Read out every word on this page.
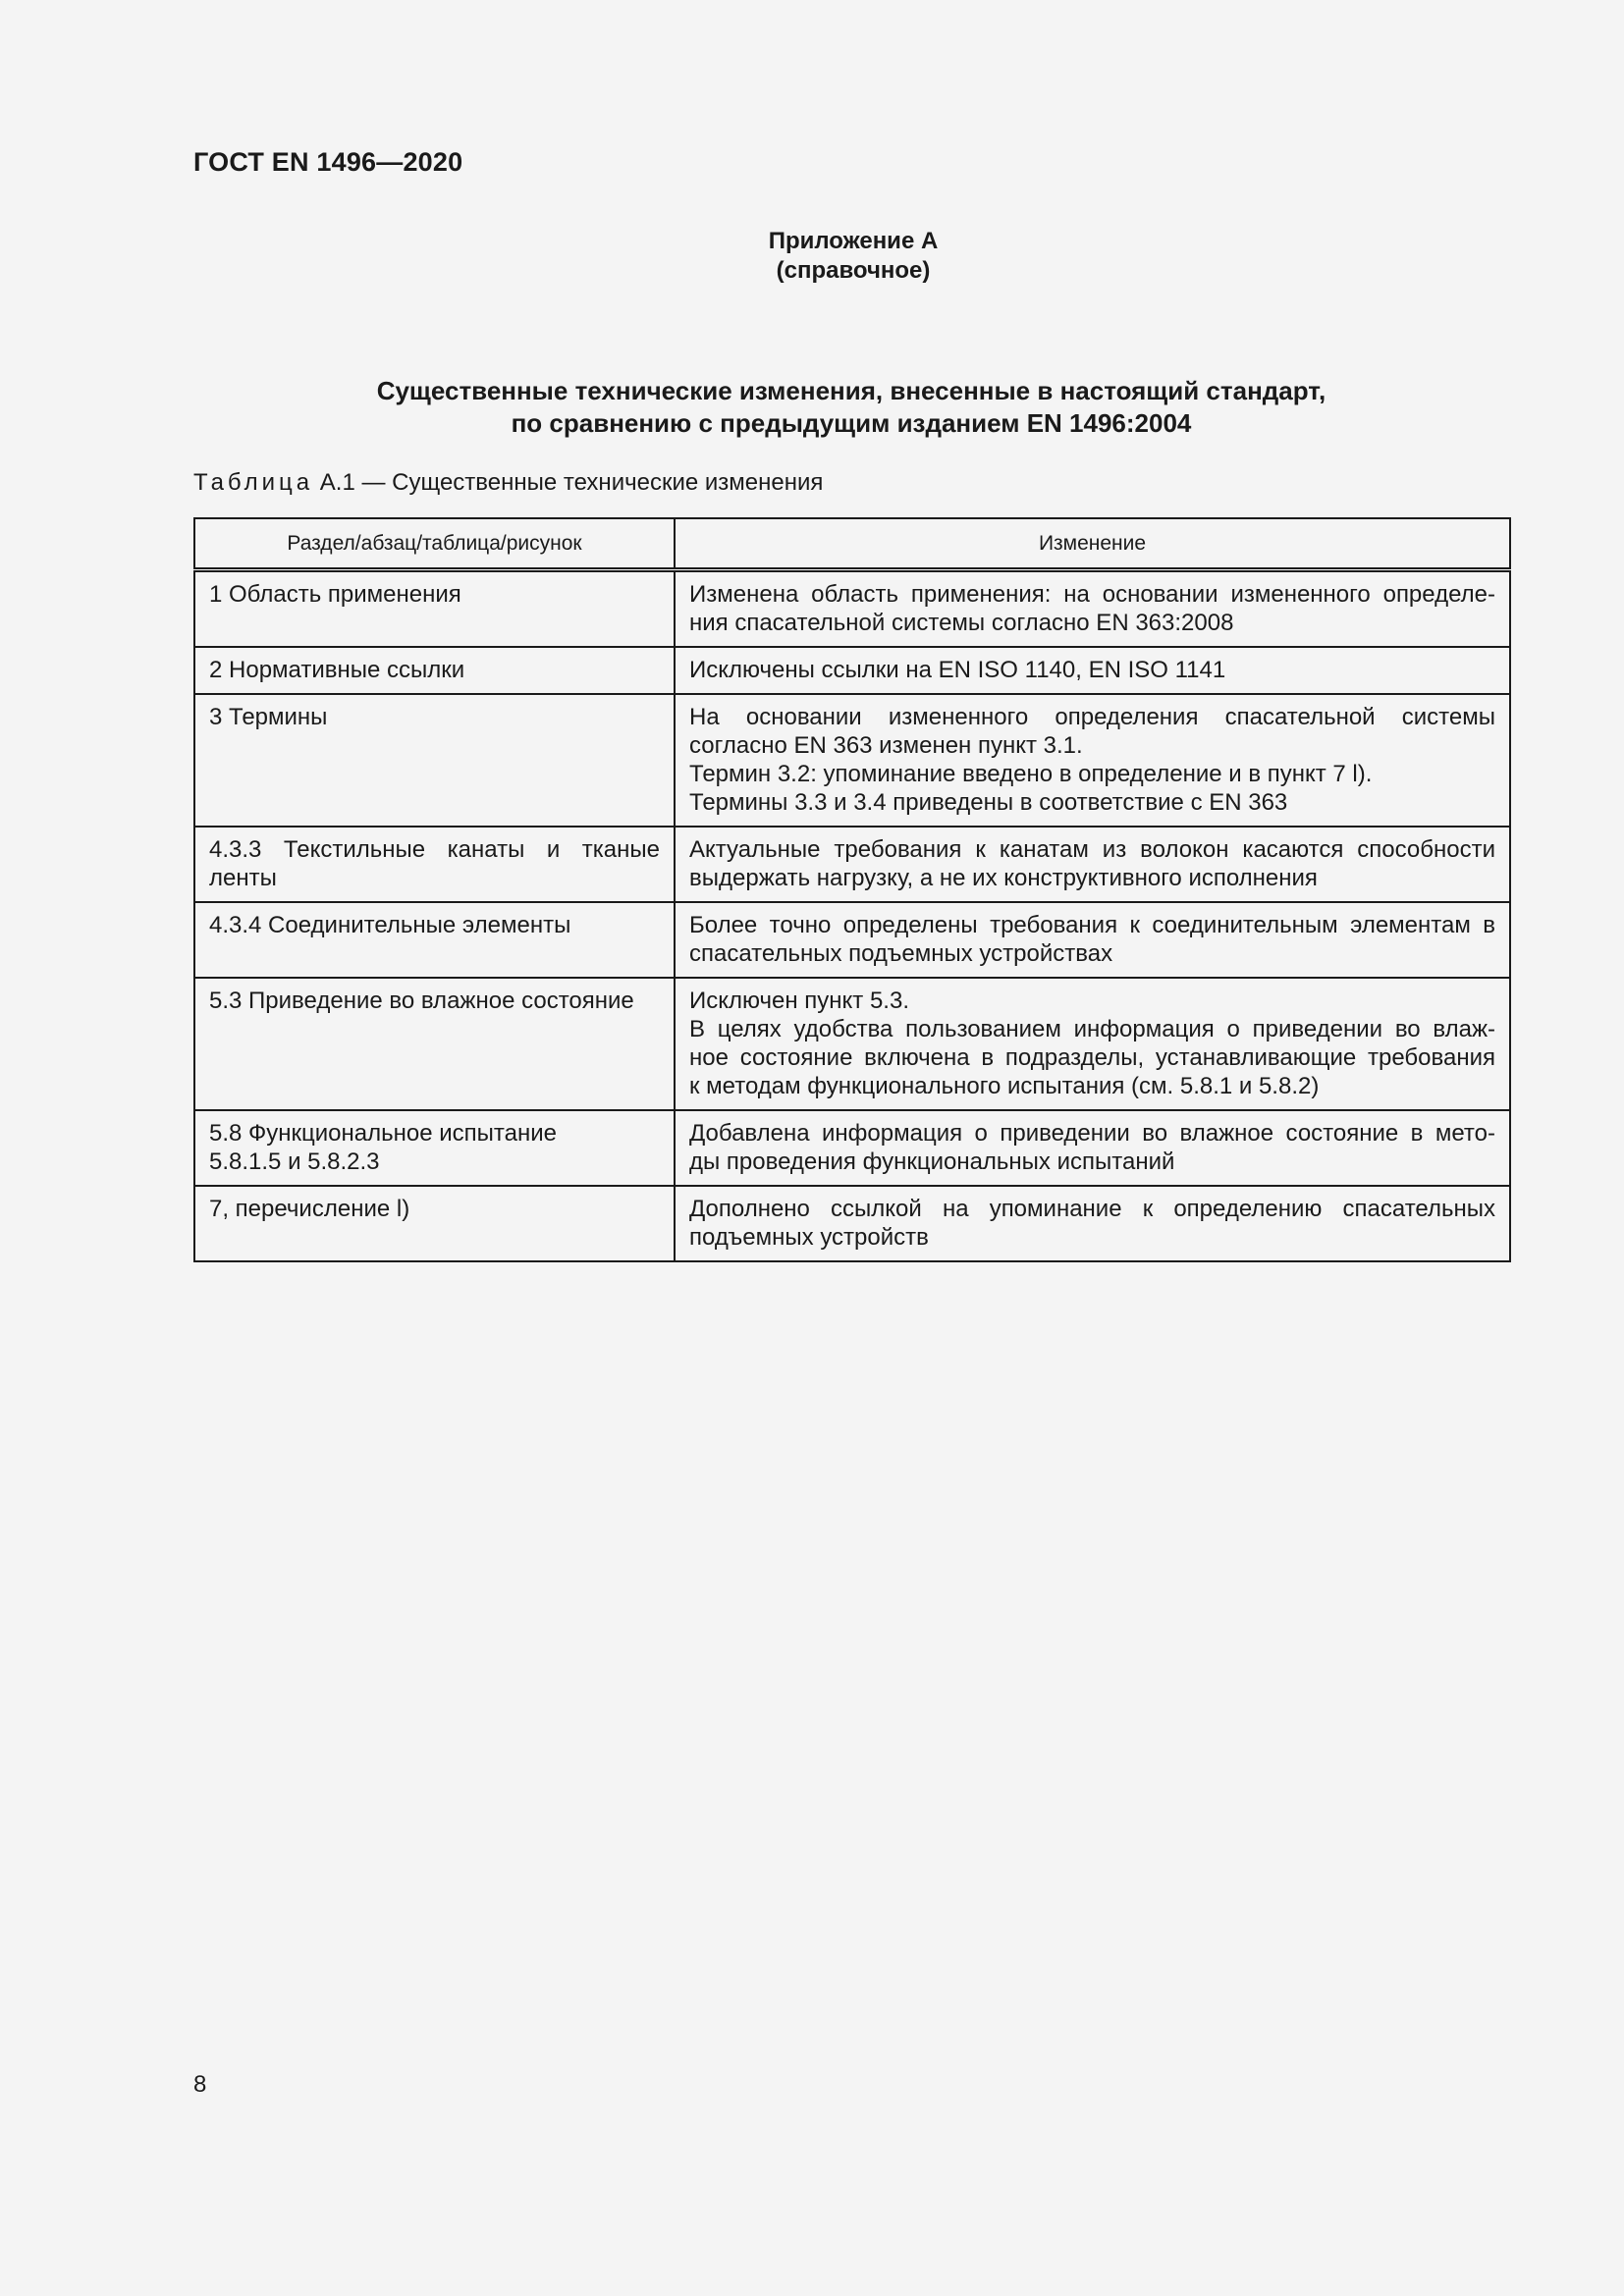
ГОСТ EN 1496—2020
Приложение А
(справочное)
Существенные технические изменения, внесенные в настоящий стандарт,
по сравнению с предыдущим изданием EN 1496:2004
Таблица А.1 — Существенные технические изменения
Раздел/абзац/таблица/рисунок	Изменение

1 Область применения	Изменена область применения: на основании измененного определе-
ния спасательной системы согласно EN 363:2008

2 Нормативные ссылки	Исключены ссылки на EN ISO 1140, EN ISO 1141

3 Термины	На основании измененного определения спасательной системы
согласно EN 363 изменен пункт 3.1.
Термин 3.2: упоминание введено в определение и в пункт 7 l).
Термины 3.3 и 3.4 приведены в соответствие с EN 363

4.3.3 Текстильные канаты и тканые
ленты	Актуальные требования к канатам из волокон касаются способности
выдержать нагрузку, а не их конструктивного исполнения

4.3.4 Соединительные элементы	Более точно определены требования к соединительным элементам в
спасательных подъемных устройствах

5.3 Приведение во влажное состояние	Исключен пункт 5.3.
В целях удобства пользованием информация о приведении во влаж-
ное состояние включена в подразделы, устанавливающие требования
к методам функционального испытания (см. 5.8.1 и 5.8.2)

5.8 Функциональное испытание
5.8.1.5 и 5.8.2.3	Добавлена информация о приведении во влажное состояние в мето-
ды проведения функциональных испытаний

7, перечисление l)	Дополнено ссылкой на упоминание к определению спасательных
подъемных устройств
8
